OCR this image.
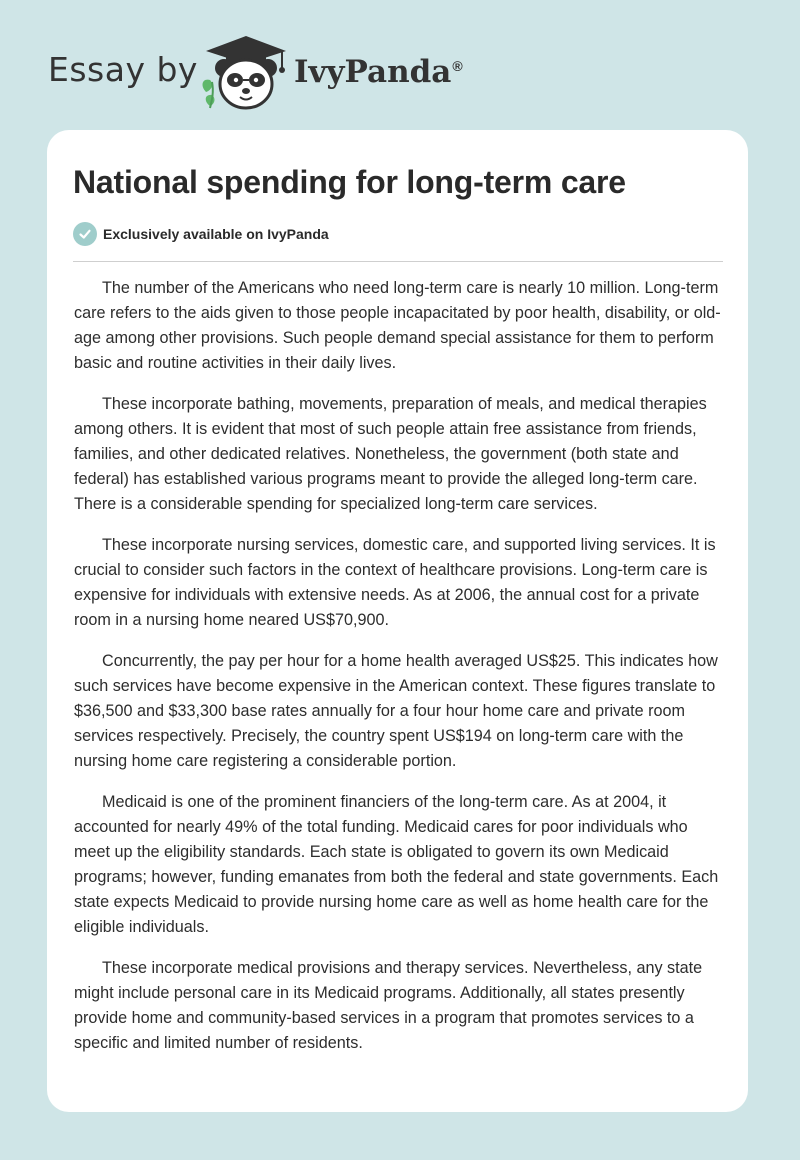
Essay by	IvyPanda®
National spending for long-term care
Exclusively available on IvyPanda

The number of the Americans who need long-term care is nearly 10 million. Long-term care refers to the aids given to those people incapacitated by poor health, disability, or old-age among other provisions. Such people demand special assistance for them to perform basic and routine activities in their daily lives.

These incorporate bathing, movements, preparation of meals, and medical therapies among others. It is evident that most of such people attain free assistance from friends, families, and other dedicated relatives. Nonetheless, the government (both state and federal) has established various programs meant to provide the alleged long-term care. There is a considerable spending for specialized long-term care services.

These incorporate nursing services, domestic care, and supported living services. It is crucial to consider such factors in the context of healthcare provisions. Long-term care is expensive for individuals with extensive needs. As at 2006, the annual cost for a private room in a nursing home neared US$70,900.

Concurrently, the pay per hour for a home health averaged US$25. This indicates how such services have become expensive in the American context. These figures translate to $36,500 and $33,300 base rates annually for a four hour home care and private room services respectively. Precisely, the country spent US$194 on long-term care with the nursing home care registering a considerable portion.

Medicaid is one of the prominent financiers of the long-term care. As at 2004, it accounted for nearly 49% of the total funding. Medicaid cares for poor individuals who meet up the eligibility standards. Each state is obligated to govern its own Medicaid programs; however, funding emanates from both the federal and state governments. Each state expects Medicaid to provide nursing home care as well as home health care for the eligible individuals.

These incorporate medical provisions and therapy services. Nevertheless, any state might include personal care in its Medicaid programs. Additionally, all states presently provide home and community-based services in a program that promotes services to a specific and limited number of residents.
